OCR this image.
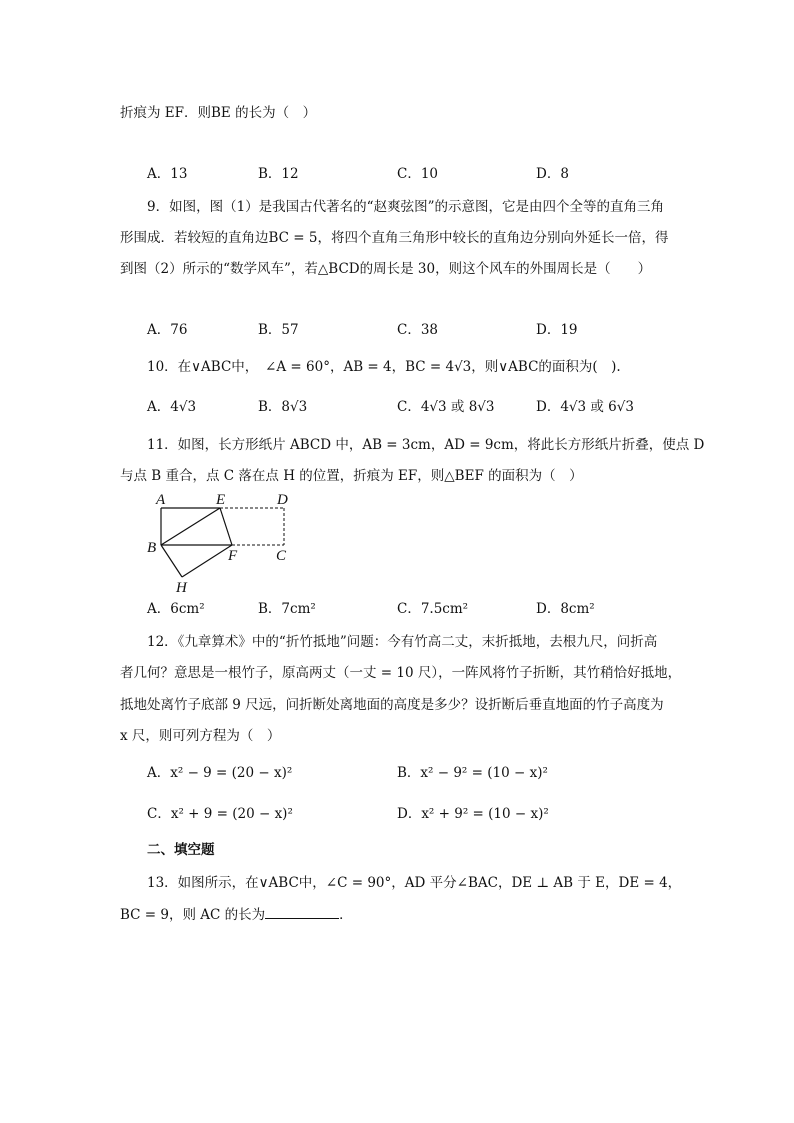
折痕为 EF．则BE 的长为（　）
A．13	B．12	C．10	D．8
9．如图，图（1）是我国古代著名的“赵爽弦图”的示意图，它是由四个全等的直角三角
形围成．若较短的直角边BC = 5，将四个直角三角形中较长的直角边分别向外延长一倍，得
到图（2）所示的“数学风车”，若△BCD的周长是 30，则这个风车的外围周长是（　　）
A．76	B．57	C．38	D．19
10．在∨ABC中，　∠A = 60°，AB = 4，BC = 4√3，则∨ABC的面积为(　).
A．4√3	B．8√3	C．4√3 或 8√3	D．4√3 或 6√3
11．如图，长方形纸片 ABCD 中，AB = 3cm，AD = 9cm，将此长方形纸片折叠，使点 D
与点 B 重合，点 C 落在点 H 的位置，折痕为 EF，则△BEF 的面积为（　）
A	E	D
B	F	C
H
A．6cm²	B．7cm²	C．7.5cm²	D．8cm²
12．《九章算术》中的“折竹抵地”问题：今有竹高二丈，末折抵地，去根九尺，问折高
者几何？意思是一根竹子，原高两丈（一丈 = 10 尺），一阵风将竹子折断，其竹稍恰好抵地，
抵地处离竹子底部 9 尺远，问折断处离地面的高度是多少？设折断后垂直地面的竹子高度为
x 尺，则可列方程为（　）
A．x² − 9 = (20 − x)²	B．x² − 9² = (10 − x)²
C．x² + 9 = (20 − x)²	D．x² + 9² = (10 − x)²
二、填空题
13．如图所示，在∨ABC中，∠C = 90°，AD 平分∠BAC，DE ⊥ AB 于 E，DE = 4，
BC = 9，则 AC 的长为	．
